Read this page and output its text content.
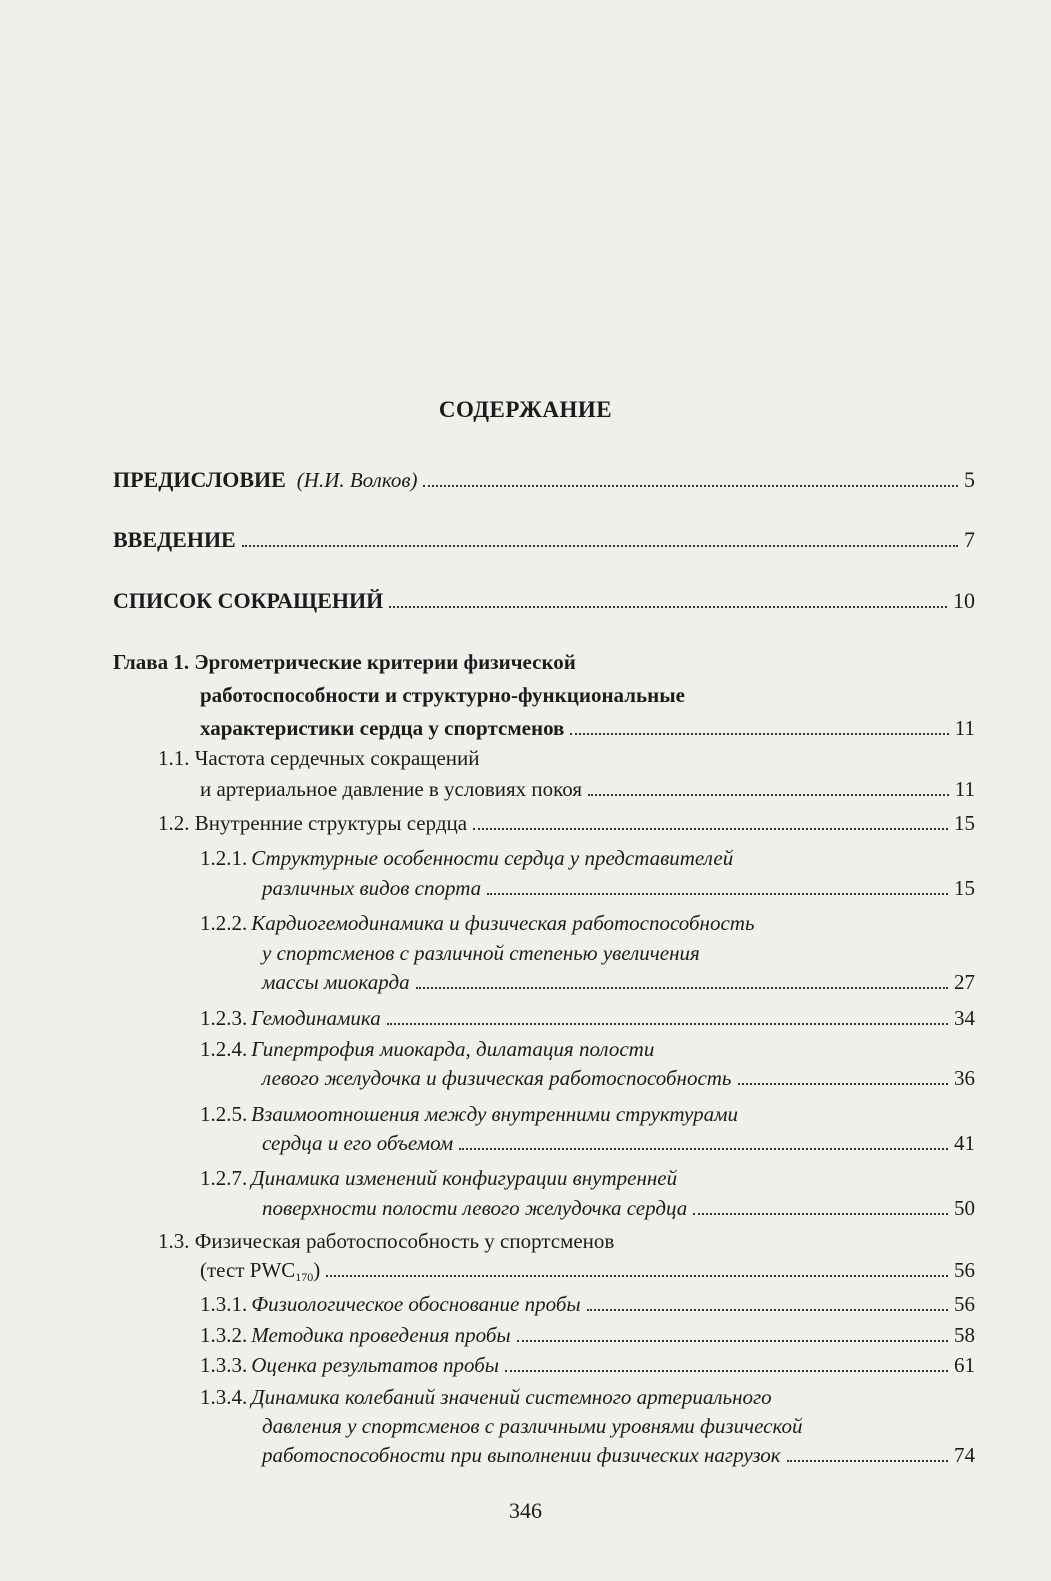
СОДЕРЖАНИЕ
ПРЕДИСЛОВИЕ (Н.И. Волков)	5
ВВЕДЕНИЕ	7
СПИСОК СОКРАЩЕНИЙ	10
Глава 1. Эргометрические критерии физической
работоспособности и структурно-функциональные
характеристики сердца у спортсменов	11
1.1. Частота сердечных сокращений
и артериальное давление в условиях покоя	11
1.2. Внутренние структуры сердца	15
1.2.1. Структурные особенности сердца у представителей
различных видов спорта	15
1.2.2. Кардиогемодинамика и физическая работоспособность
у спортсменов с различной степенью увеличения
массы миокарда	27
1.2.3. Гемодинамика	34
1.2.4. Гипертрофия миокарда, дилатация полости
левого желудочка и физическая работоспособность	36
1.2.5. Взаимоотношения между внутренними структурами
сердца и его объемом	41
1.2.7. Динамика изменений конфигурации внутренней
поверхности полости левого желудочка сердца	50
1.3. Физическая работоспособность у спортсменов
(тест $PWC_{170}$)	56
1.3.1. Физиологическое обоснование пробы	56
1.3.2. Методика проведения пробы	58
1.3.3. Оценка результатов пробы	61
1.3.4. Динамика колебаний значений системного артериального
давления у спортсменов с различными уровнями физической
работоспособности при выполнении физических нагрузок	74
346
